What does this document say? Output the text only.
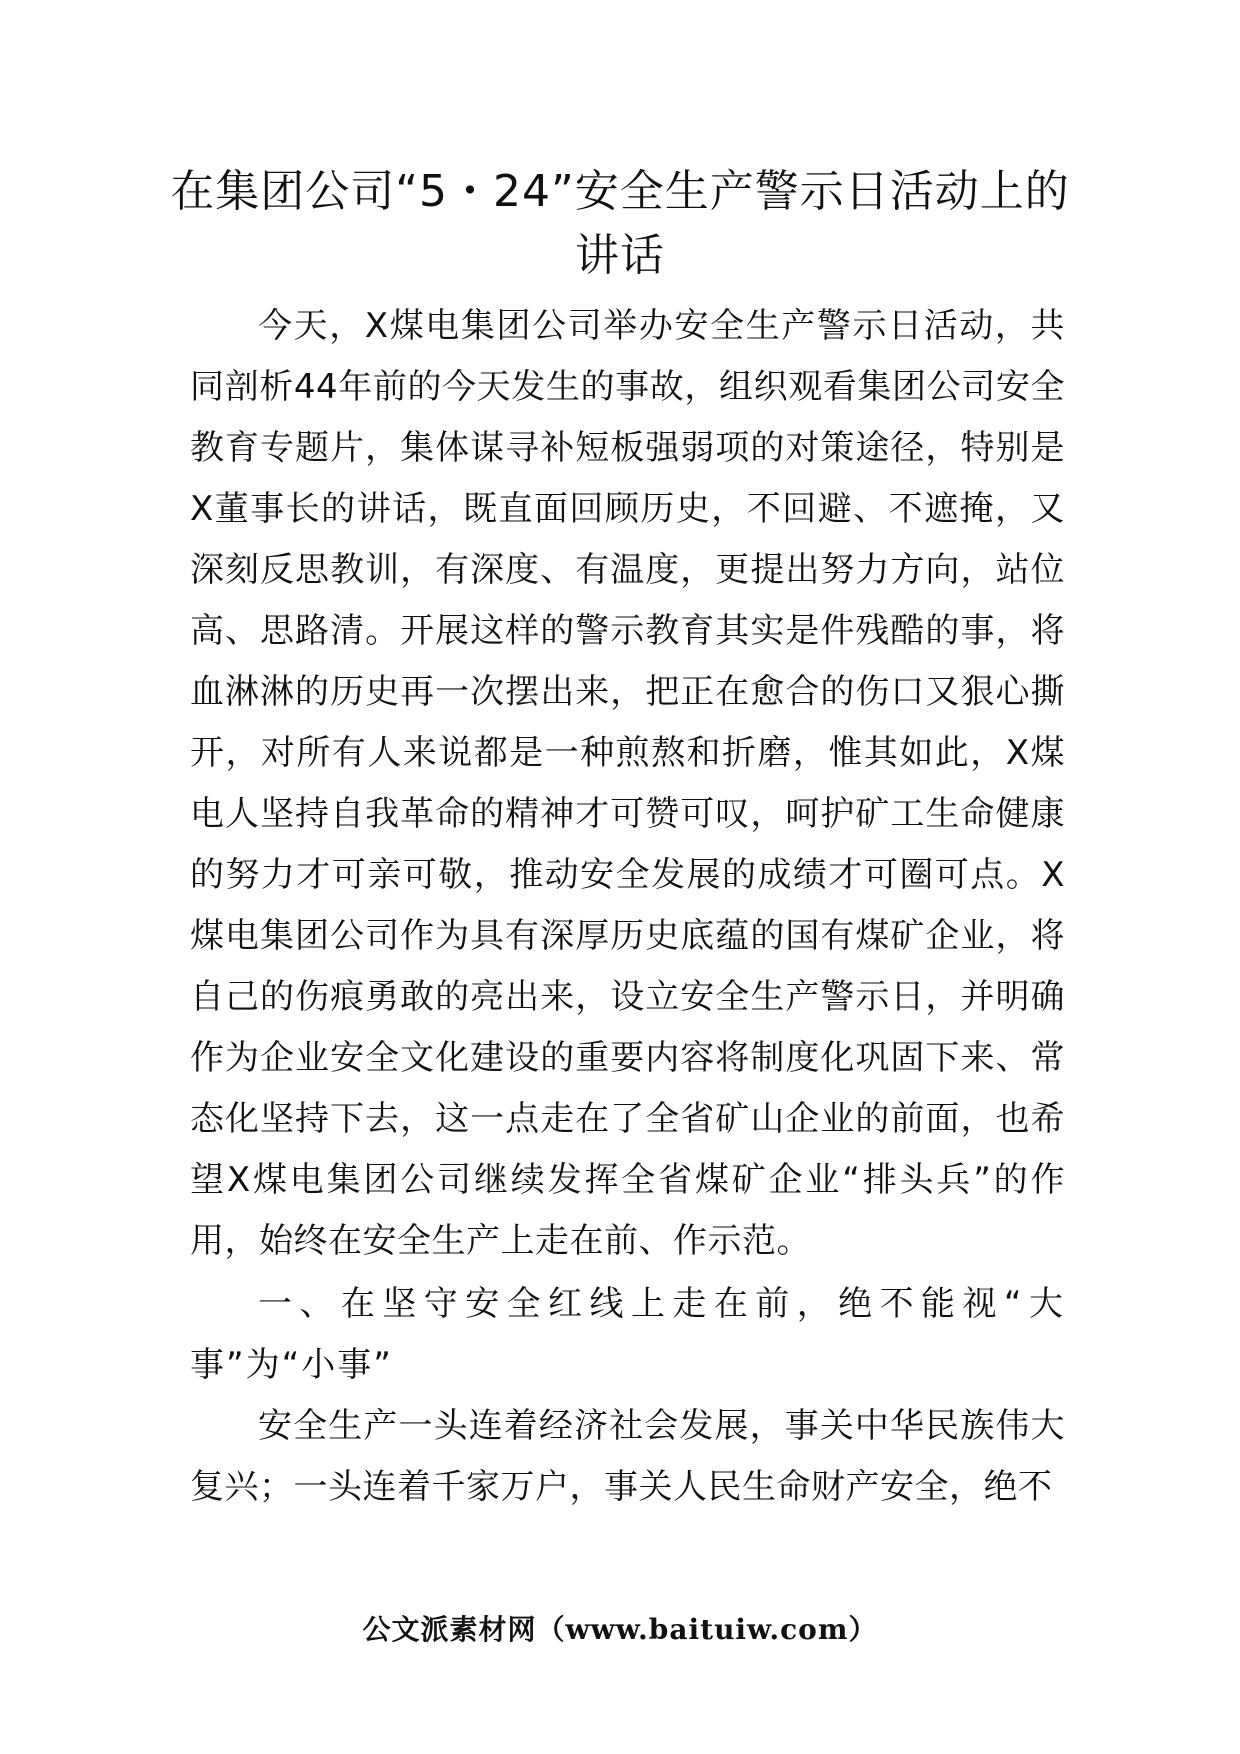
在集团公司“5・24”安全生产警示日活动上的讲话

今天，X煤电集团公司举办安全生产警示日活动，共同剖析44年前的今天发生的事故，组织观看集团公司安全教育专题片，集体谋寻补短板强弱项的对策途径，特别是X董事长的讲话，既直面回顾历史，不回避、不遮掩，又深刻反思教训，有深度、有温度，更提出努力方向，站位高、思路清。开展这样的警示教育其实是件残酷的事，将血淋淋的历史再一次摆出来，把正在愈合的伤口又狠心撕开，对所有人来说都是一种煎熬和折磨，惟其如此，X煤电人坚持自我革命的精神才可赞可叹，呵护矿工生命健康的努力才可亲可敬，推动安全发展的成绩才可圈可点。X煤电集团公司作为具有深厚历史底蕴的国有煤矿企业，将自己的伤痕勇敢的亮出来，设立安全生产警示日，并明确作为企业安全文化建设的重要内容将制度化巩固下来、常态化坚持下去，这一点走在了全省矿山企业的前面，也希望X煤电集团公司继续发挥全省煤矿企业“排头兵”的作用，始终在安全生产上走在前、作示范。

一、在坚守安全红线上走在前，绝不能视“大事”为“小事”

安全生产一头连着经济社会发展，事关中华民族伟大复兴；一头连着千家万户，事关人民生命财产安全，绝不

公文派素材网（www.baituiw.com）
